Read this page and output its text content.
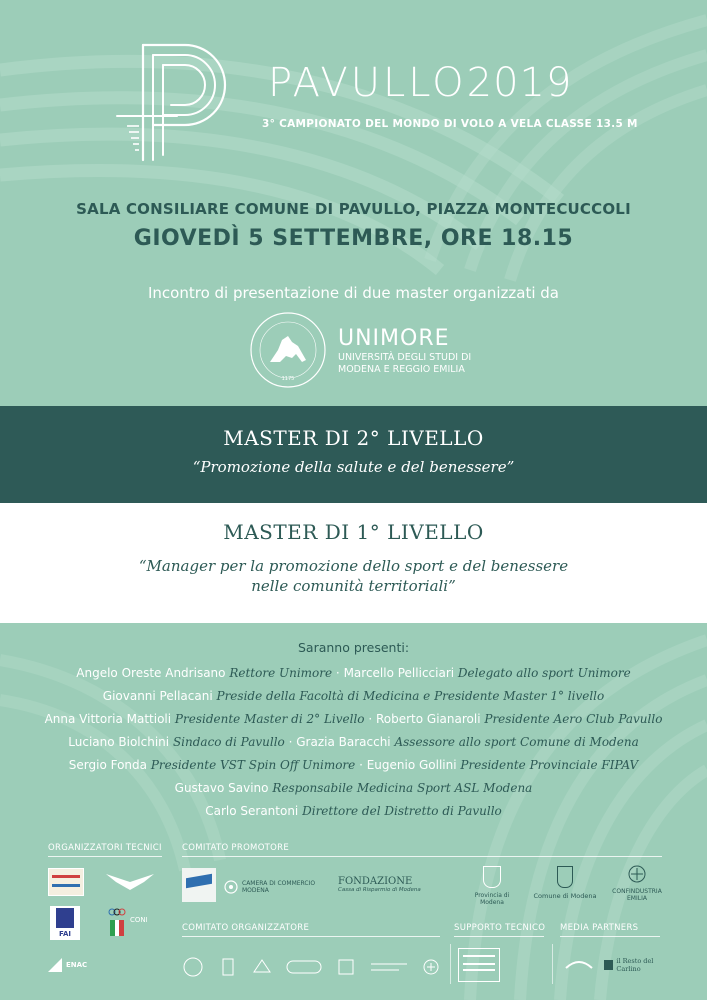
PAVULLO2019
3° CAMPIONATO DEL MONDO DI VOLO A VELA CLASSE 13.5 M
SALA CONSILIARE COMUNE DI PAVULLO, PIAZZA MONTECUCCOLI
GIOVEDÌ 5 SETTEMBRE, ORE 18.15
Incontro di presentazione di due master organizzati da
1175
UNIMORE
UNIVERSITÀ DEGLI STUDI DI
MODENA E REGGIO EMILIA
MASTER DI 2° LIVELLO
“Promozione della salute e del benessere”
MASTER DI 1° LIVELLO
“Manager per la promozione dello sport e del benessere
nelle comunità territoriali”
Saranno presenti:
Angelo Oreste Andrisano Rettore Unimore · Marcello Pellicciari Delegato allo sport Unimore
Giovanni Pellacani Preside della Facoltà di Medicina e Presidente Master 1° livello
Anna Vittoria Mattioli Presidente Master di 2° Livello · Roberto Gianaroli Presidente Aero Club Pavullo
Luciano Biolchini Sindaco di Pavullo · Grazia Baracchi Assessore allo sport Comune di Modena
Sergio Fonda Presidente VST Spin Off Unimore · Eugenio Gollini Presidente Provinciale FIPAV
Gustavo Savino Responsabile Medicina Sport ASL Modena
Carlo Serantoni Direttore del Distretto di Pavullo
ORGANIZZATORI TECNICI COMITATO PROMOTORE
COMITATO ORGANIZZATORE	SUPPORTO TECNICO MEDIA PARTNERS
FAI
CONI
ENAC
CAMERA DI COMMERCIO MODENA
FONDAZIONE
Cassa di Risparmio di Modena
Provincia di Modena
Comune di Modena
CONFINDUSTRIA EMILIA
il Resto del Carlino
